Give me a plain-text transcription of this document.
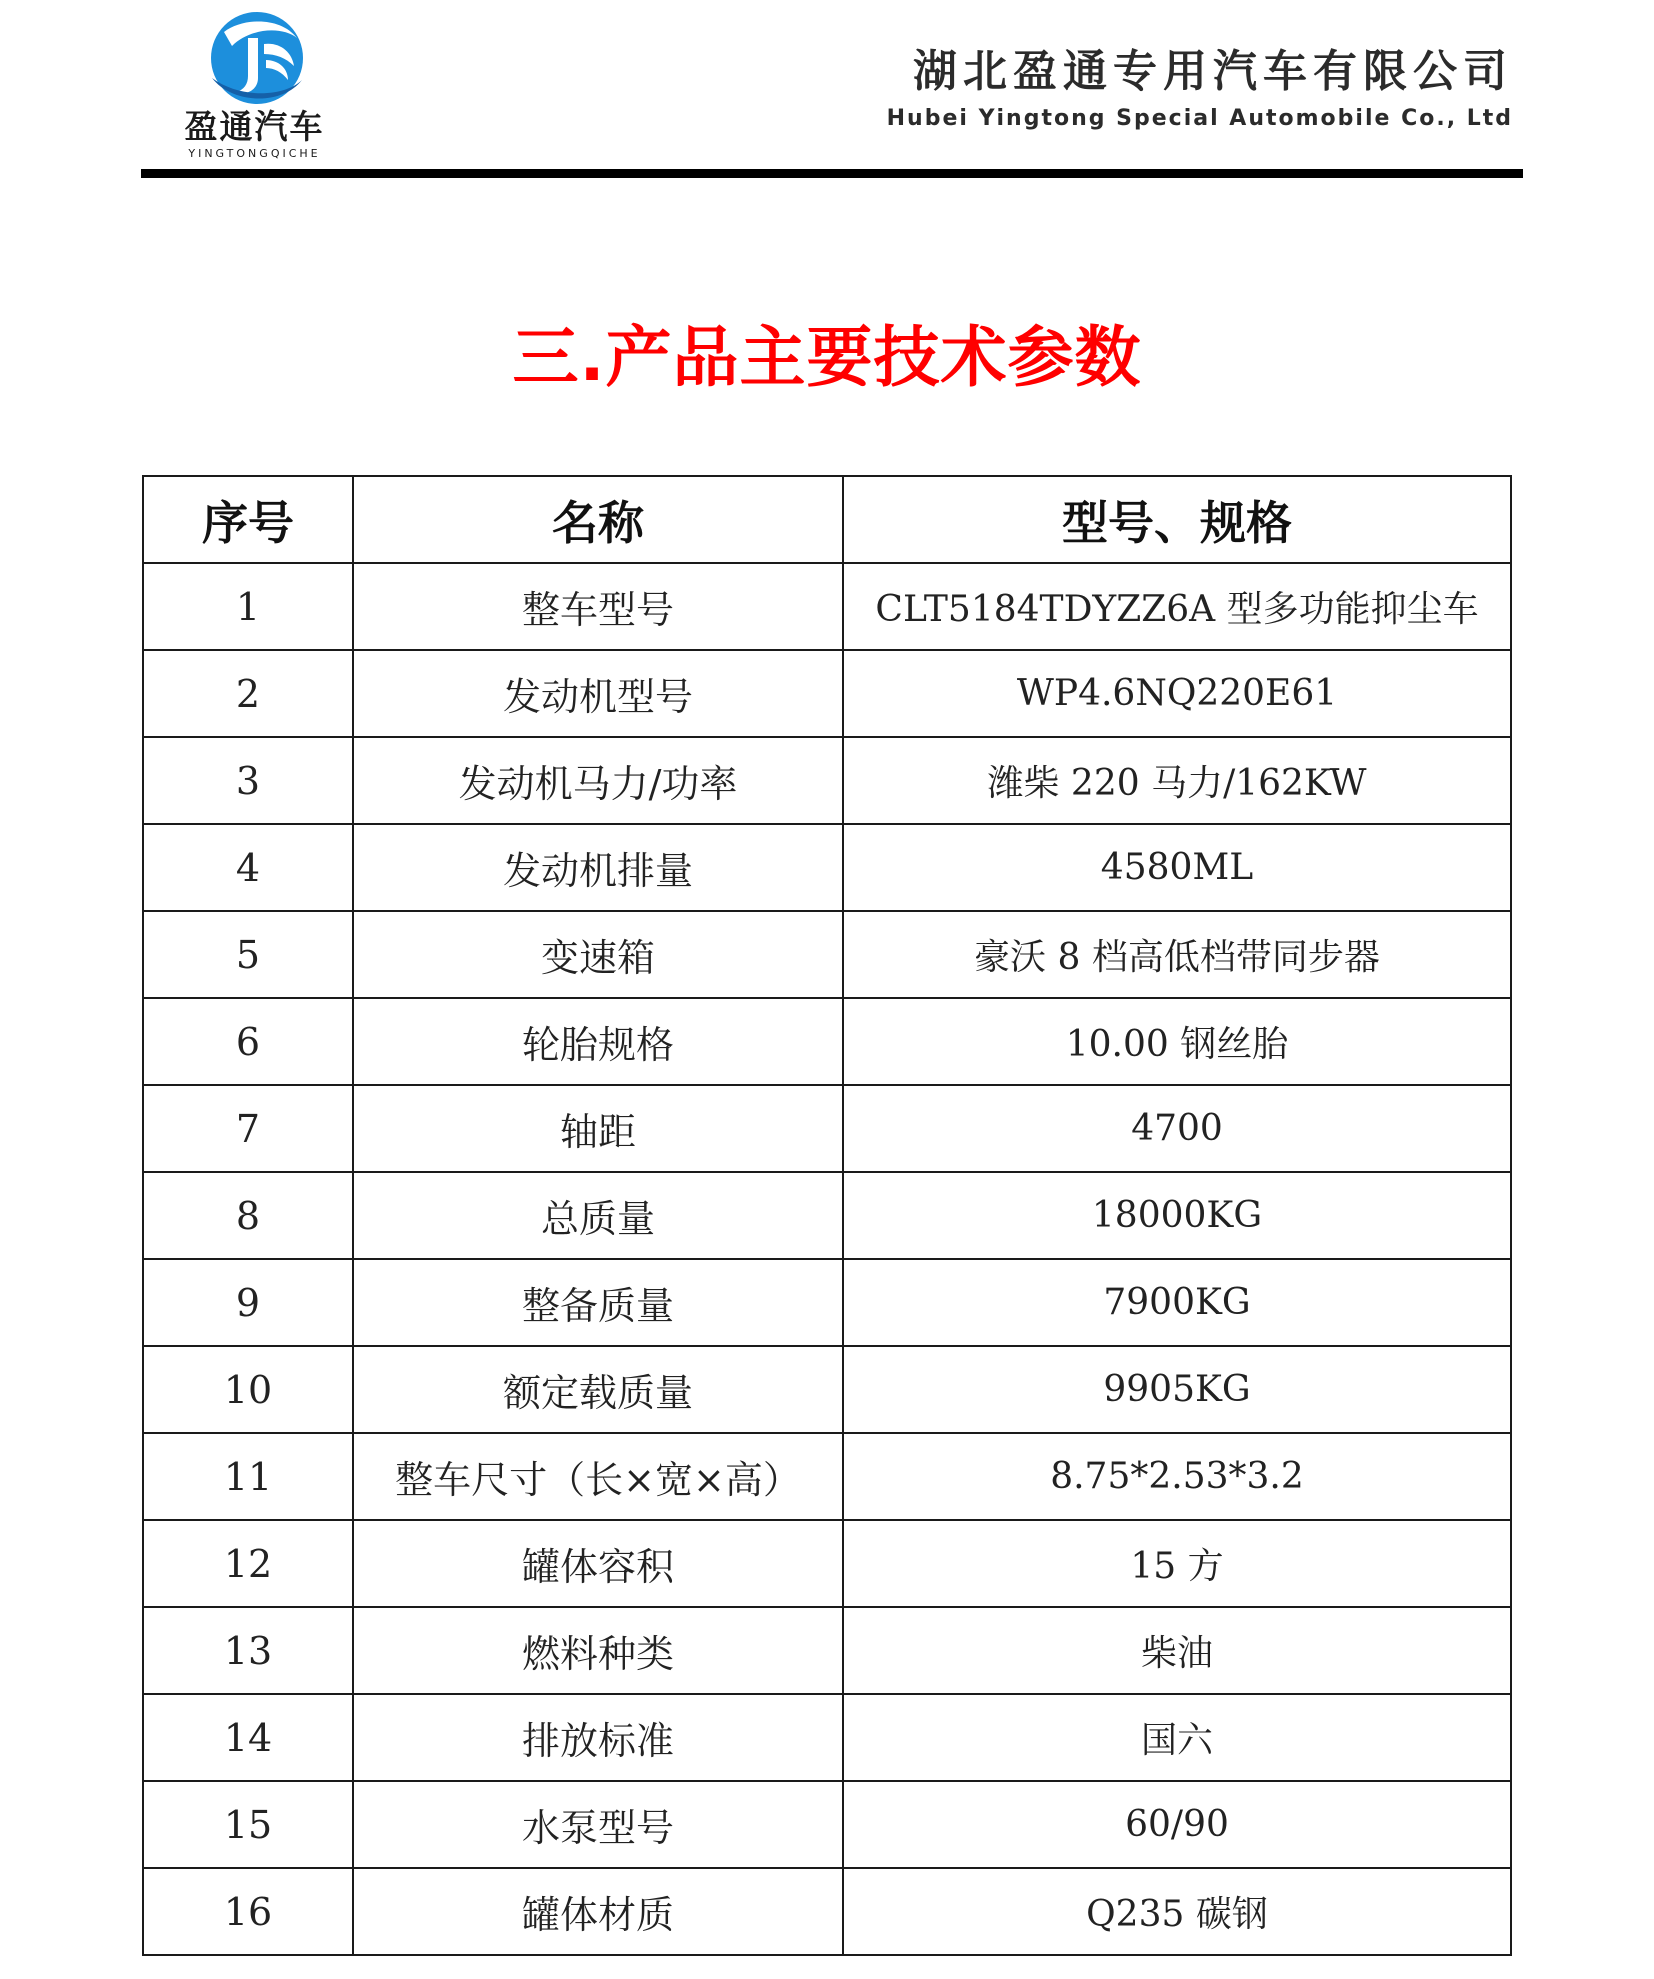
盈通汽车
YINGTONGQICHE
湖北盈通专用汽车有限公司
Hubei Yingtong Special Automobile Co., Ltd
三.产品主要技术参数
序号	名称	型号、规格
1	整车型号	CLT5184TDYZZ6A 型多功能抑尘车
2	发动机型号	WP4.6NQ220E61
3	发动机马力/功率	潍柴 220 马力/162KW
4	发动机排量	4580ML
5	变速箱	豪沃 8 档高低档带同步器
6	轮胎规格	10.00 钢丝胎
7	轴距	4700
8	总质量	18000KG
9	整备质量	7900KG
10	额定载质量	9905KG
11	整车尺寸（长×宽×高）	8.75*2.53*3.2
12	罐体容积	15 方
13	燃料种类	柴油
14	排放标准	国六
15	水泵型号	60/90
16	罐体材质	Q235 碳钢
